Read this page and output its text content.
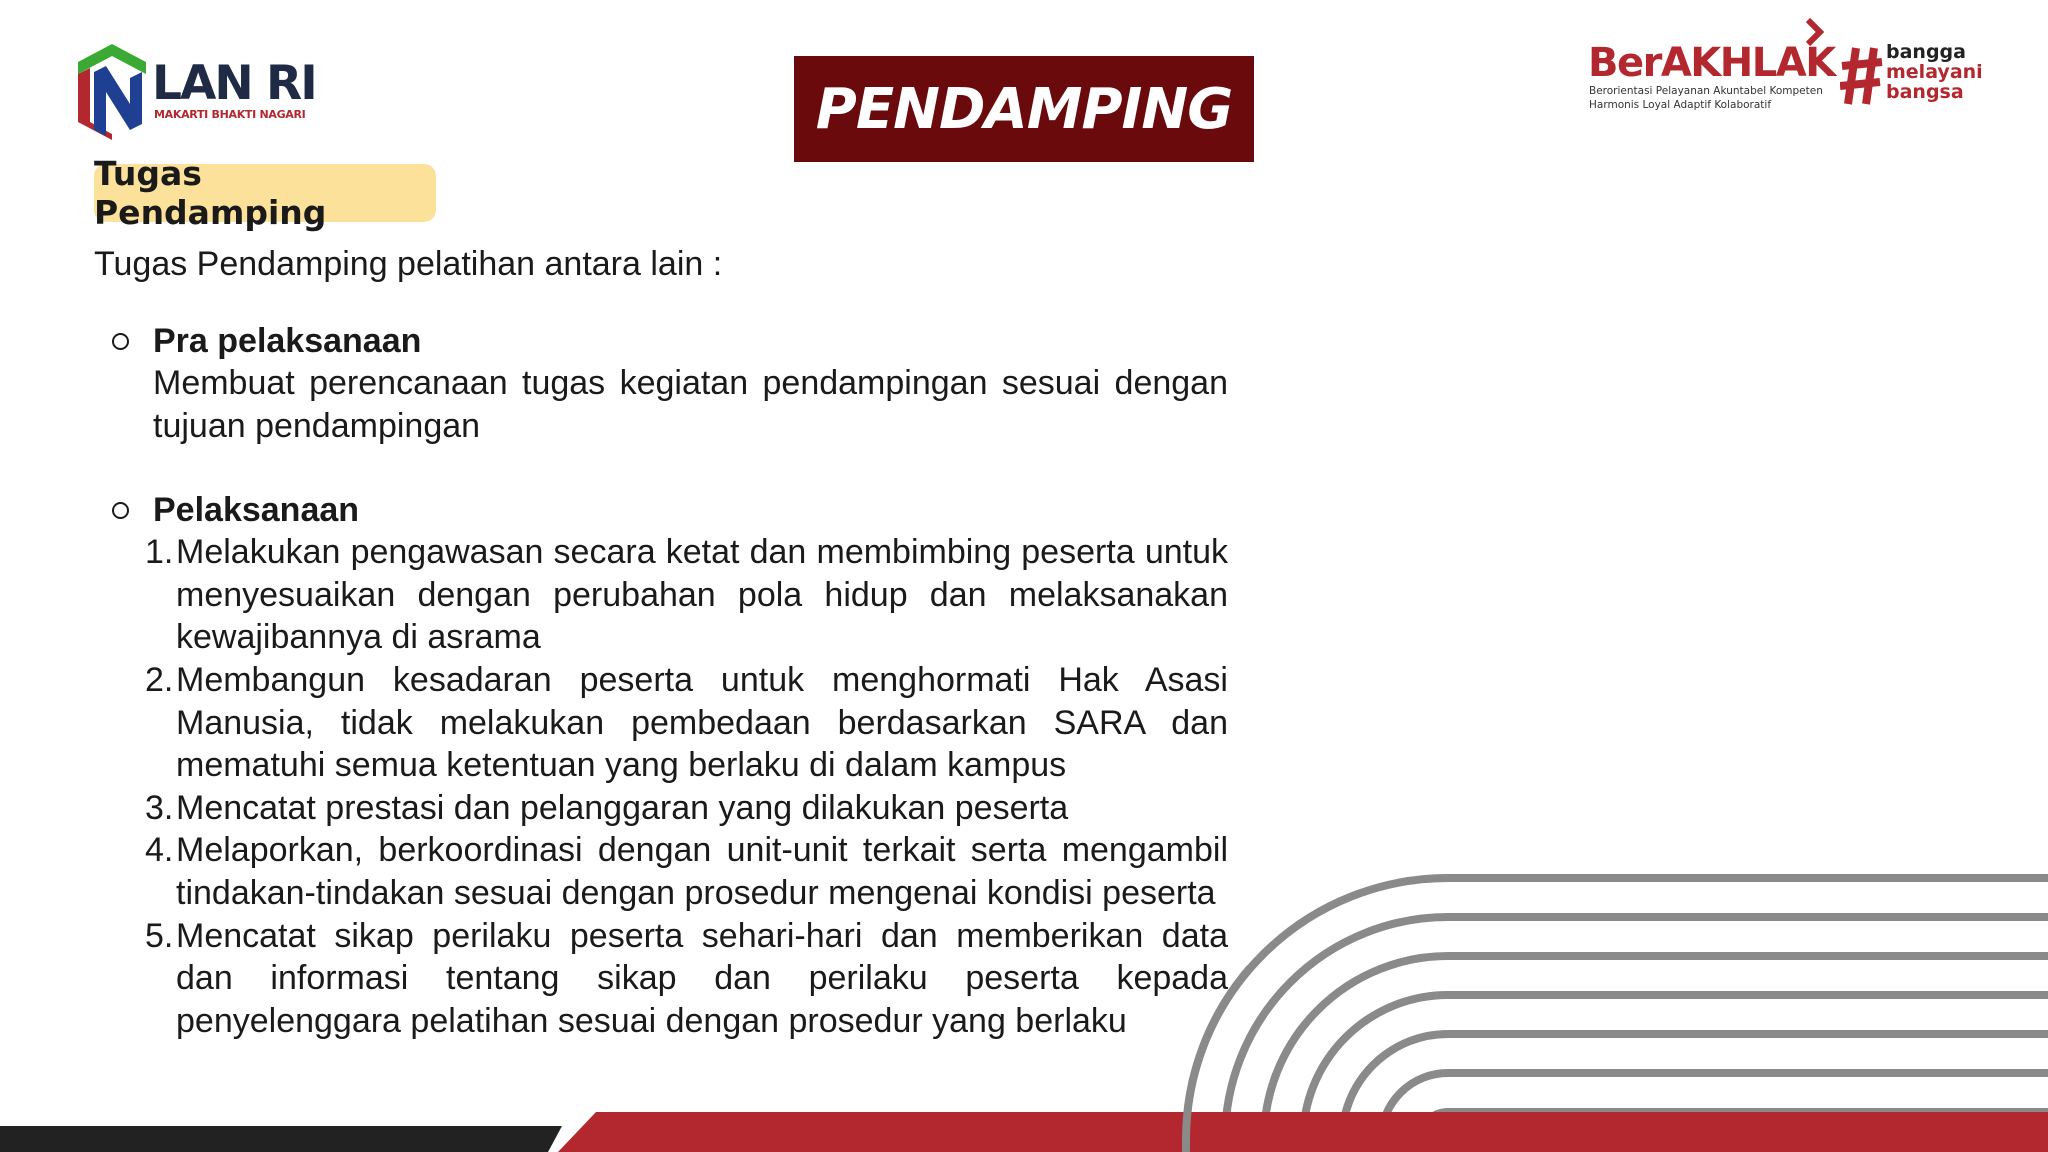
LAN RI
MAKARTI BHAKTI NAGARI	PENDAMPING
BerAKHLAK
Berorientasi Pelayanan Akuntabel Kompeten
Harmonis Loyal Adaptif Kolaboratif
bangga
melayani
bangsa
Tugas Pendamping
Tugas Pendamping pelatihan antara lain :

Pra pelaksanaan

Membuat perencanaan tugas kegiatan pendampingan sesuai dengan tujuan pendampingan

Pelaksanaan

1. Melakukan pengawasan secara ketat dan membimbing peserta untuk menyesuaikan dengan perubahan pola hidup dan melaksanakan kewajibannya di asrama
2. Membangun kesadaran peserta untuk menghormati Hak Asasi Manusia, tidak melakukan pembedaan berdasarkan SARA dan mematuhi semua ketentuan yang berlaku di dalam kampus
3. Mencatat prestasi dan pelanggaran yang dilakukan peserta
4. Melaporkan, berkoordinasi dengan unit-unit terkait serta mengambil tindakan-tindakan sesuai dengan prosedur mengenai kondisi peserta
5. Mencatat sikap perilaku peserta sehari-hari dan memberikan data dan informasi tentang sikap dan perilaku peserta kepada penyelenggara pelatihan sesuai dengan prosedur yang berlaku
